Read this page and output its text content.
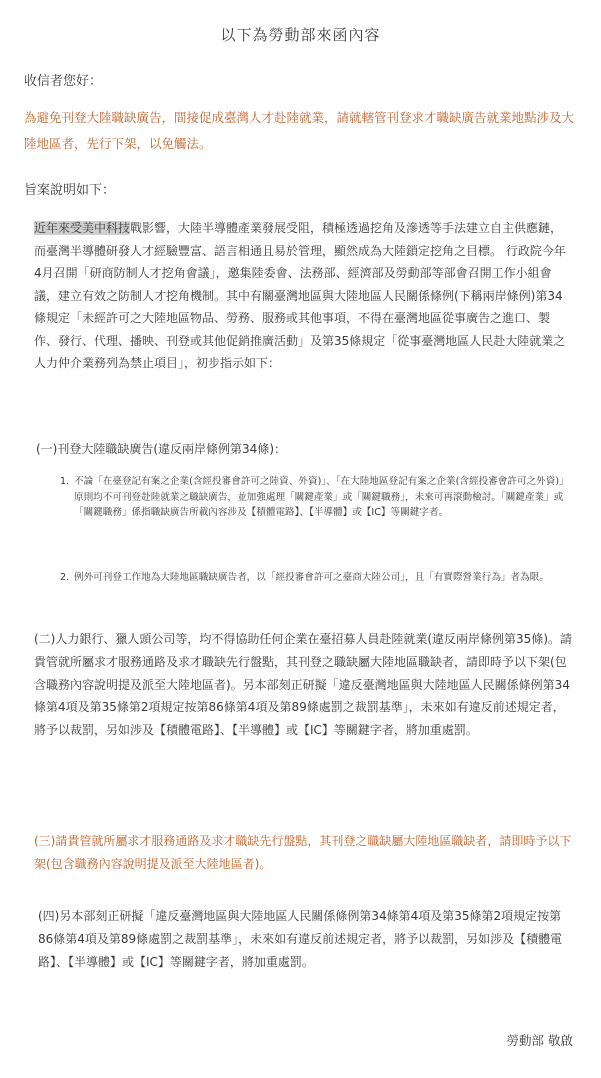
以下為勞動部來函內容
收信者您好：
為避免刊登大陸職缺廣告，間接促成臺灣人才赴陸就業，請就轄管刊登求才職缺廣告就業地點涉及大陸地區者，先行下架，以免觸法。
旨案說明如下：

近年來受美中科技戰影響，大陸半導體產業發展受阻，積極透過挖角及滲透等手法建立自主供應鏈，而臺灣半導體研發人才經驗豐富、語言相通且易於管理，顯然成為大陸鎖定挖角之目標。 行政院今年4月召開「研商防制人才挖角會議」，邀集陸委會、法務部、經濟部及勞動部等部會召開工作小組會議，建立有效之防制人才挖角機制。其中有關臺灣地區與大陸地區人民關係條例(下稱兩岸條例)第34條規定「未經許可之大陸地區物品、勞務、服務或其他事項，不得在臺灣地區從事廣告之進口、製作、發行、代理、播映、刊登或其他促銷推廣活動」及第35條規定「從事臺灣地區人民赴大陸就業之人力仲介業務列為禁止項目」，初步指示如下：

(一)刊登大陸職缺廣告(違反兩岸條例第34條)：
1. 不論「在臺登記有案之企業(含經投審會許可之陸資、外資)」、「在大陸地區登記有案之企業(含經投審會許可之外資)」原則均不可刊登赴陸就業之職缺廣告，並加強處理「關鍵產業」或「關鍵職務」，未來可再滾動檢討。「關鍵產業」或「關鍵職務」係指職缺廣告所載內容涉及【積體電路】、【半導體】或【IC】等關鍵字者。
2. 例外可刊登工作地為大陸地區職缺廣告者，以「經投審會許可之臺商大陸公司」，且「有實際營業行為」者為限。

(二)人力銀行、獵人頭公司等，均不得協助任何企業在臺招募人員赴陸就業(違反兩岸條例第35條)。請貴管就所屬求才服務通路及求才職缺先行盤點，其刊登之職缺屬大陸地區職缺者，請即時予以下架(包含職務內容說明提及派至大陸地區者)。另本部刻正研擬「違反臺灣地區與大陸地區人民關係條例第34條第4項及第35條第2項規定按第86條第4項及第89條處罰之裁罰基準」，未來如有違反前述規定者，將予以裁罰，另如涉及【積體電路】、【半導體】或【IC】等關鍵字者，將加重處罰。

(三)請貴管就所屬求才服務通路及求才職缺先行盤點，其刊登之職缺屬大陸地區職缺者，請即時予以下架(包含職務內容說明提及派至大陸地區者)。

(四)另本部刻正研擬「違反臺灣地區與大陸地區人民關係條例第34條第4項及第35條第2項規定按第86條第4項及第89條處罰之裁罰基準」，未來如有違反前述規定者，將予以裁罰，另如涉及【積體電路】、【半導體】或【IC】等關鍵字者，將加重處罰。

勞動部 敬啟
